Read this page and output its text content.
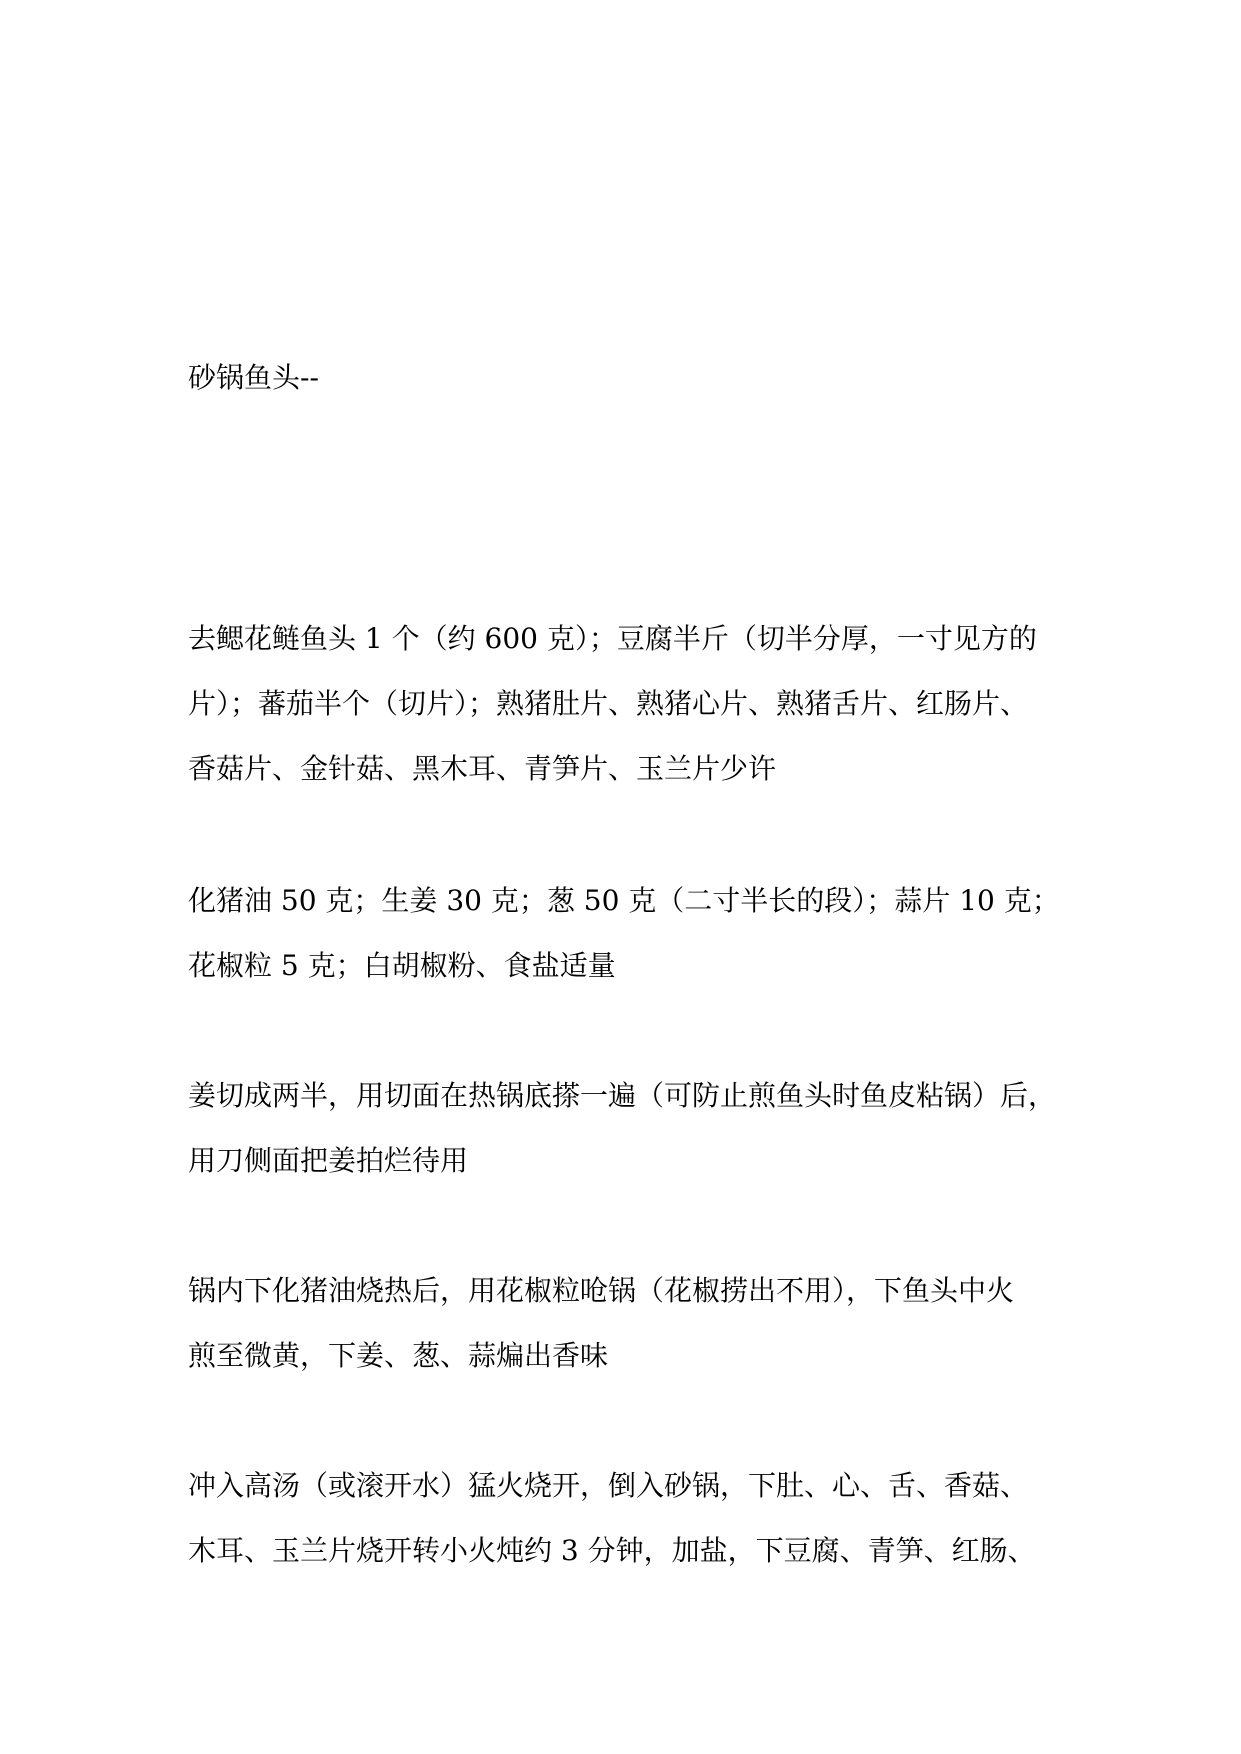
砂锅鱼头--
去鳃花鲢鱼头 1 个（约 600 克）；豆腐半斤（切半分厚，一寸见方的
片）；蕃茄半个（切片）；熟猪肚片、熟猪心片、熟猪舌片、红肠片、
香菇片、金针菇、黑木耳、青笋片、玉兰片少许
化猪油 50 克；生姜 30 克；葱 50 克（二寸半长的段）；蒜片 10 克；
花椒粒 5 克；白胡椒粉、食盐适量
姜切成两半，用切面在热锅底搽一遍（可防止煎鱼头时鱼皮粘锅）后，
用刀侧面把姜拍烂待用
锅内下化猪油烧热后，用花椒粒呛锅（花椒捞出不用），下鱼头中火
煎至微黄，下姜、葱、蒜煸出香味
冲入高汤（或滚开水）猛火烧开，倒入砂锅，下肚、心、舌、香菇、
木耳、玉兰片烧开转小火炖约 3 分钟，加盐，下豆腐、青笋、红肠、
